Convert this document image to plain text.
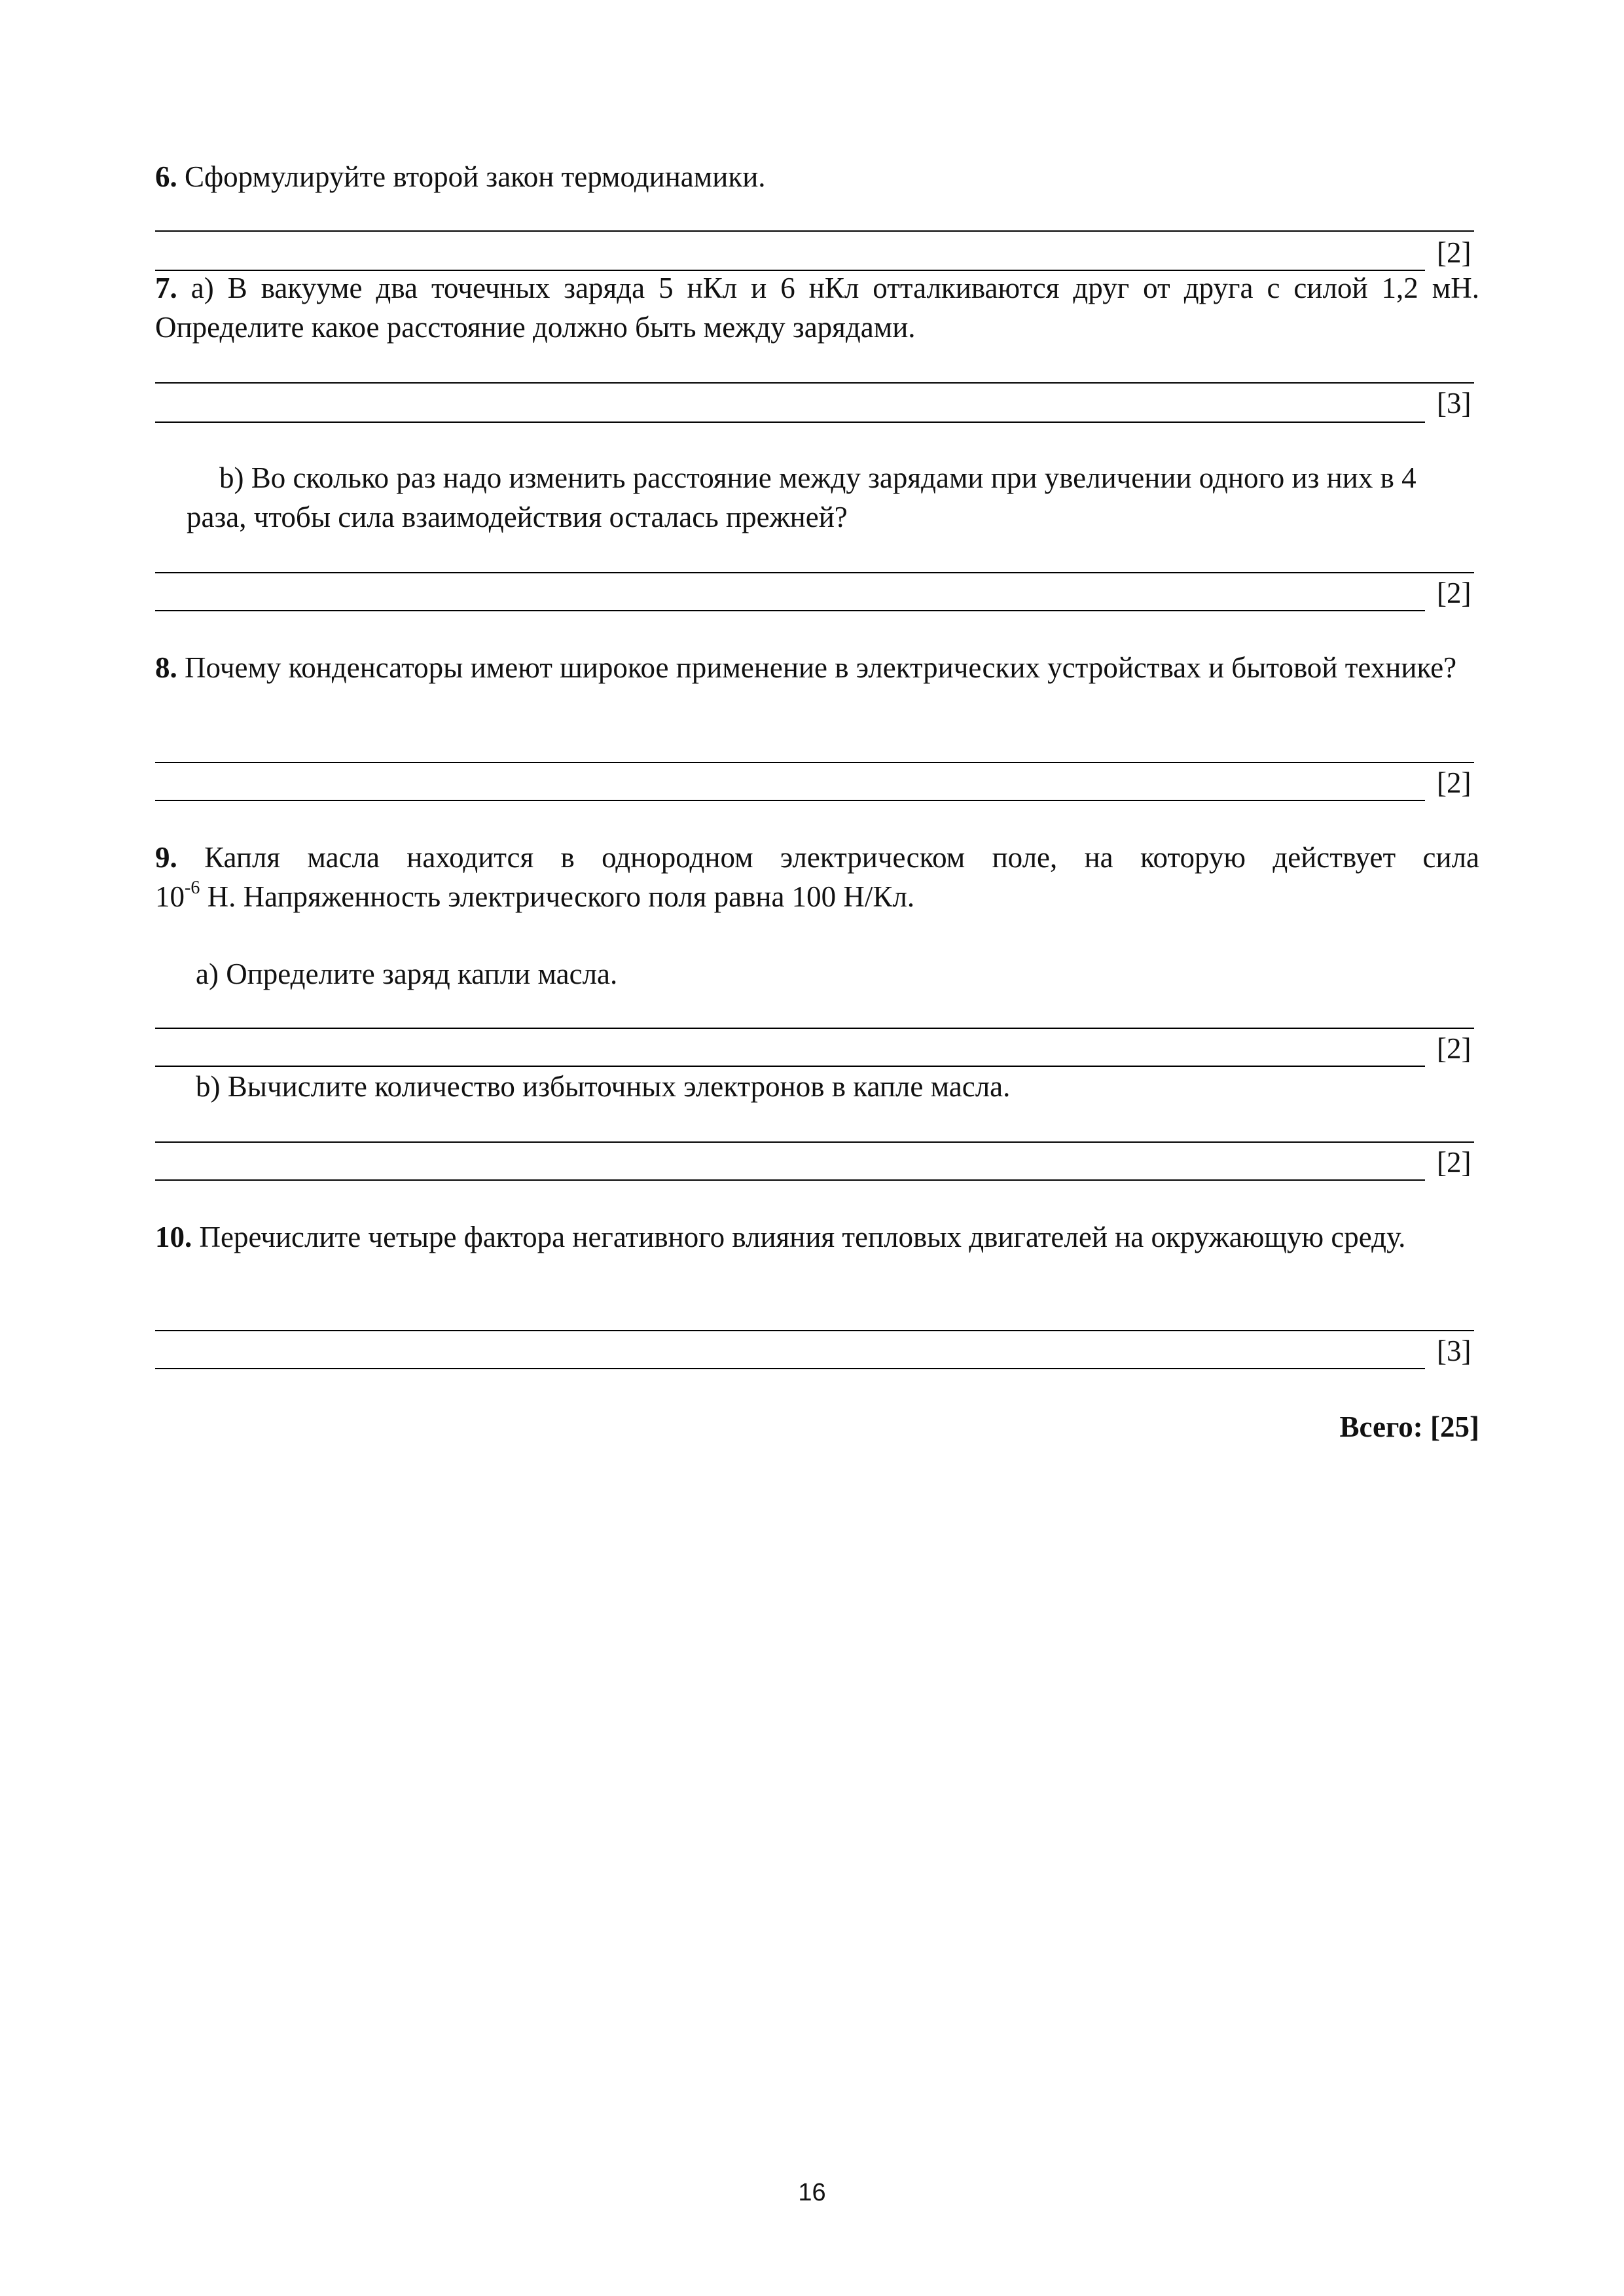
6. Сформулируйте второй закон термодинамики.

[2]

7. a) В вакууме два точечных заряда 5 нКл и 6 нКл отталкиваются друг от друга с силой 1,2 мН. Определите какое расстояние должно быть между зарядами.

[3]

b) Во сколько раз надо изменить расстояние между зарядами при увеличении одного из них в 4 раза, чтобы сила взаимодействия осталась прежней?

[2]

8. Почему конденсаторы имеют широкое применение в электрических устройствах и бытовой технике?

[2]

9. Капля масла находится в однородном электрическом поле, на которую действует сила

$10^{-6}$ Н. Напряженность электрического поля равна 100 Н/Кл.

a) Определите заряд капли масла.

[2]

b) Вычислите количество избыточных электронов в капле масла.

[2]

10. Перечислите четыре фактора негативного влияния тепловых двигателей на окружающую среду.

[3]
Всего: [25]
16
